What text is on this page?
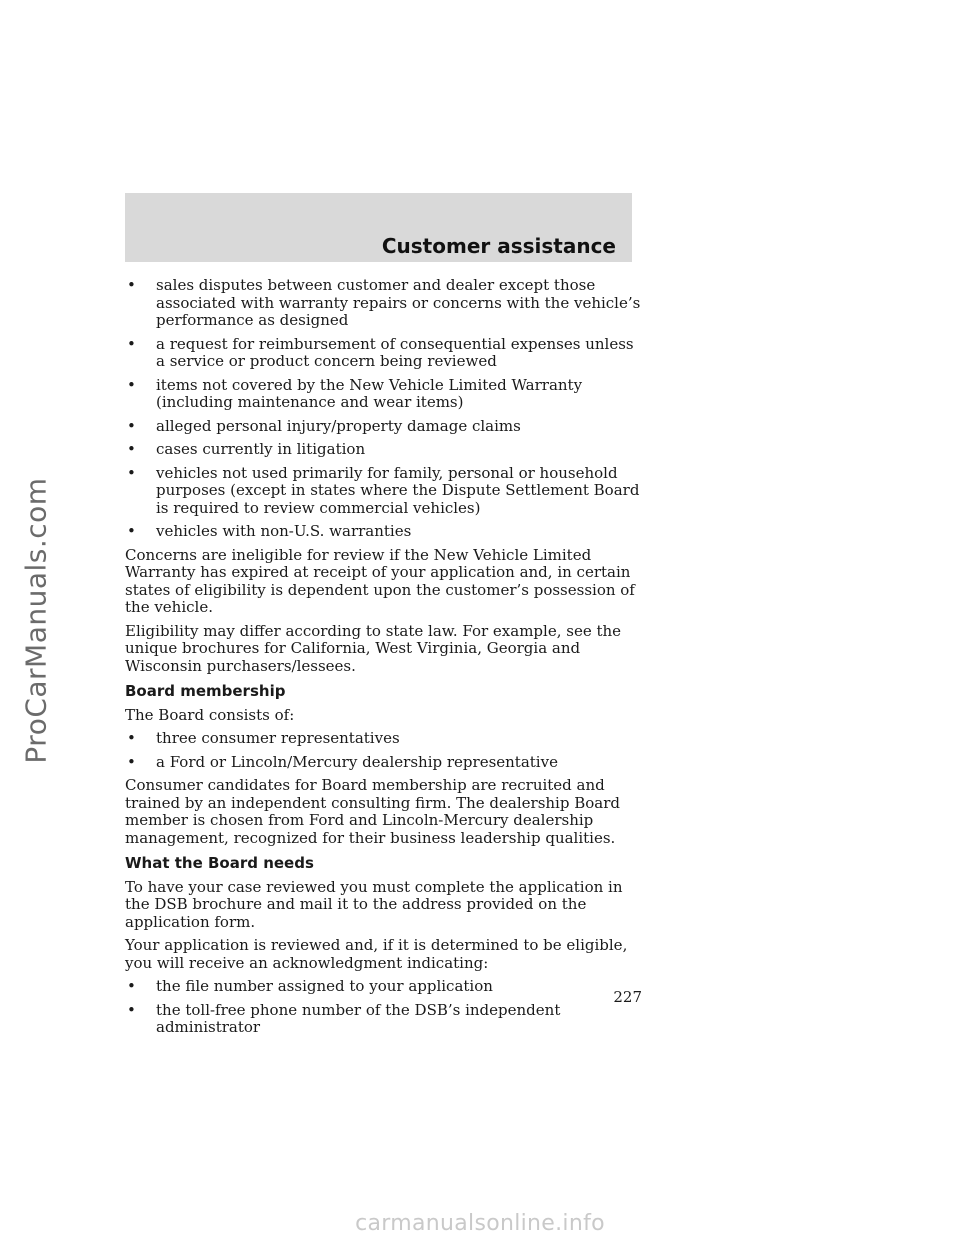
ProCarManuals.com
Customer assistance

•	sales disputes between customer and dealer except those associated with warranty repairs or concerns with the vehicle’s performance as designed

•	a request for reimbursement of consequential expenses unless a service or product concern being reviewed

•	items not covered by the New Vehicle Limited Warranty (including maintenance and wear items)

•	alleged personal injury/property damage claims

•	cases currently in litigation

•	vehicles not used primarily for family, personal or household purposes (except in states where the Dispute Settlement Board is required to review commercial vehicles)

•	vehicles with non-U.S. warranties

Concerns are ineligible for review if the New Vehicle Limited Warranty has expired at receipt of your application and, in certain states of eligibility is dependent upon the customer’s possession of the vehicle.

Eligibility may differ according to state law. For example, see the unique brochures for California, West Virginia, Georgia and Wisconsin purchasers/lessees.

Board membership

The Board consists of:

•	three consumer representatives

•	a Ford or Lincoln/Mercury dealership representative

Consumer candidates for Board membership are recruited and trained by an independent consulting firm. The dealership Board member is chosen from Ford and Lincoln-Mercury dealership management, recognized for their business leadership qualities.

What the Board needs

To have your case reviewed you must complete the application in the DSB brochure and mail it to the address provided on the application form.

Your application is reviewed and, if it is determined to be eligible, you will receive an acknowledgment indicating:

•	the file number assigned to your application

•	the toll-free phone number of the DSB’s independent administrator

227
carmanualsonline.info
